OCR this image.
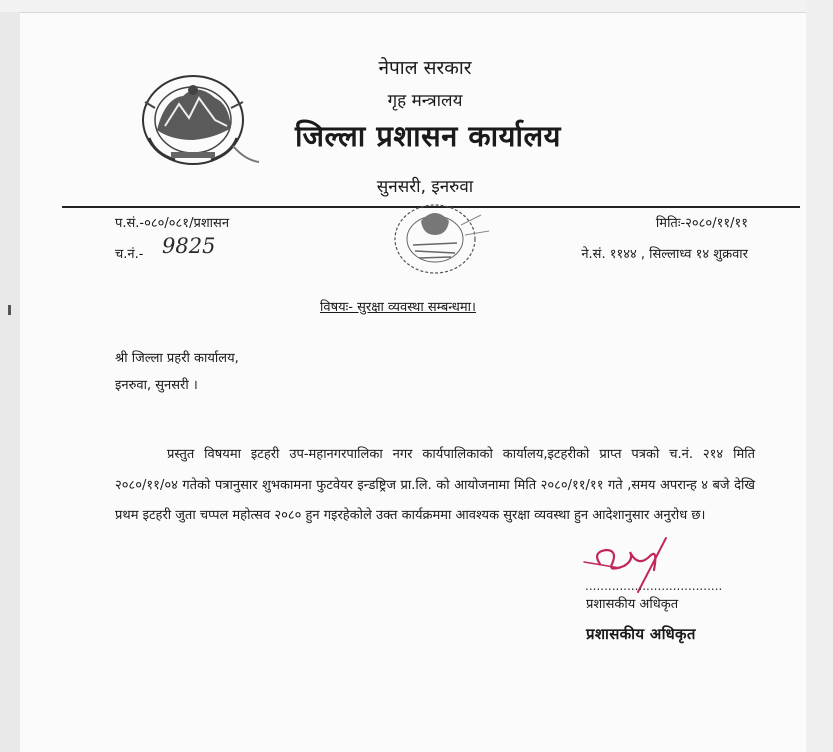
नेपाल सरकार
गृह मन्त्रालय
जिल्ला प्रशासन कार्यालय
सुनसरी, इनरुवा
प.सं.-०८०/०८१/प्रशासन
च.नं.- 9825
मितिः-२०८०/११/११
ने.सं. ११४४ , सिल्लाध्व १४ शुक्रवार
विषयः- सुरक्षा व्यवस्था सम्बन्धमा।
श्री जिल्ला प्रहरी कार्यालय,
इनरुवा, सुनसरी ।
प्रस्तुत विषयमा इटहरी उप-महानगरपालिका नगर कार्यपालिकाको कार्यालय,इटहरीको प्राप्त पत्रको च.नं. २१४ मिति २०८०/११/०४ गतेको पत्रानुसार शुभकामना फुटवेयर इन्डष्ट्रिज प्रा.लि. को आयोजनामा मिति २०८०/११/११ गते ,समय अपरान्ह ४ बजे देखि प्रथम इटहरी जुता चप्पल महोत्सव २०८० हुन गइरहेकोले उक्त कार्यक्रममा आवश्यक सुरक्षा व्यवस्था हुन आदेशानुसार अनुरोध छ।
....................................
प्रशासकीय अधिकृत
प्रशासकीय अधिकृत
